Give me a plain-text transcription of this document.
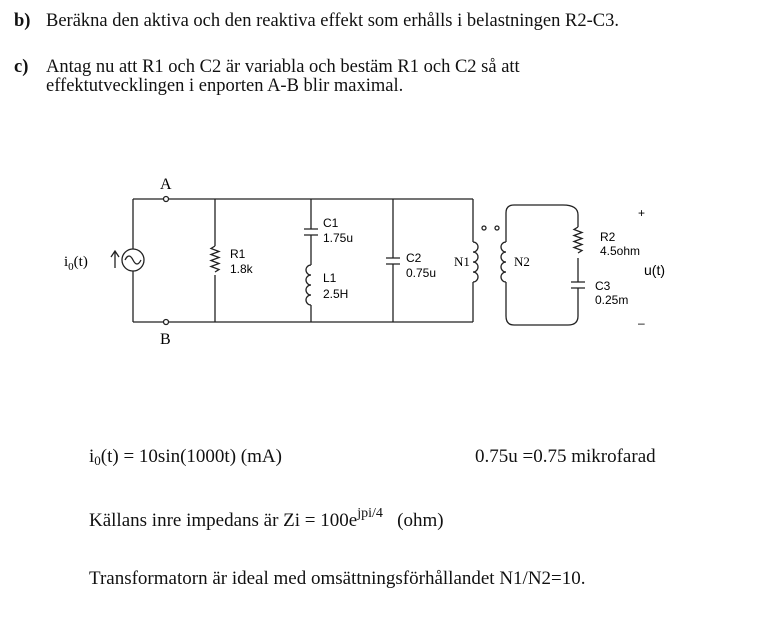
b) Beräkna den aktiva och den reaktiva effekt som erhålls i belastningen R2-C3.
c) Antag nu att R1 och C2 är variabla och bestäm R1 och C2 så att
effektutvecklingen i enporten A-B blir maximal.
A
B
$i_0(t)$	R1
1.8k
C1
1.75u
L1
2.5H
C2
0.75u
N1	N2
R2
4.5ohm
C3
0.25m
+
u(t)
–
$i_0(t) = 10\sin(1000t)$ (mA)	0.75u =0.75 mikrofarad
Källans inre impedans är $Zi = 100e^{jpi/4}$   (ohm)
Transformatorn är ideal med omsättningsförhållandet N1/N2=10.
